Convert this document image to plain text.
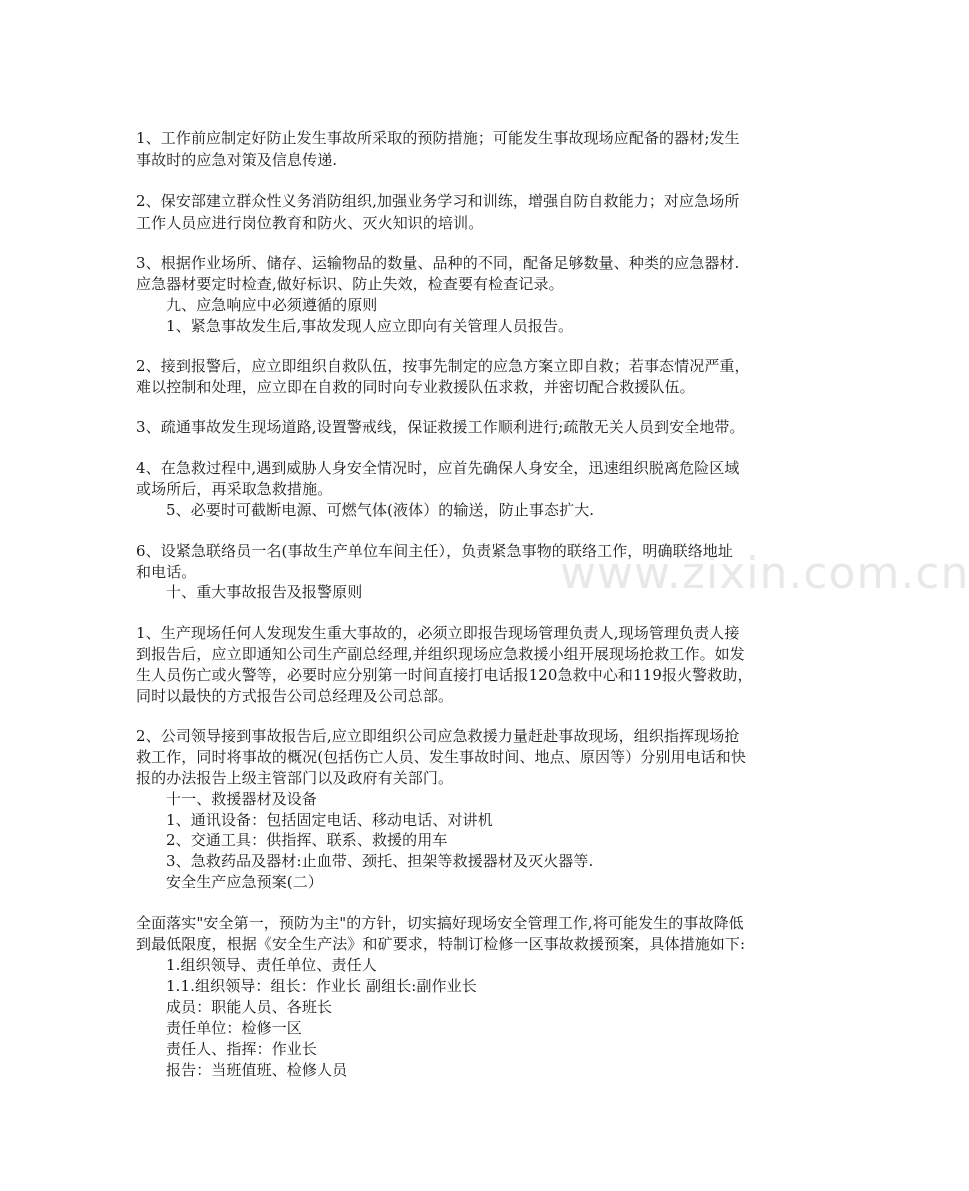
www.zixin.com.cn
1、工作前应制定好防止发生事故所采取的预防措施；可能发生事故现场应配备的器材;发生
事故时的应急对策及信息传递.
2、保安部建立群众性义务消防组织,加强业务学习和训练，增强自防自救能力；对应急场所
工作人员应进行岗位教育和防火、灭火知识的培训。
3、根据作业场所、储存、运输物品的数量、品种的不同，配备足够数量、种类的应急器材.
应急器材要定时检查,做好标识、防止失效，检查要有检查记录。
九、应急响应中必须遵循的原则
1、紧急事故发生后,事故发现人应立即向有关管理人员报告。
2、接到报警后，应立即组织自救队伍，按事先制定的应急方案立即自救；若事态情况严重，
难以控制和处理，应立即在自救的同时向专业救援队伍求救，并密切配合救援队伍。
3、疏通事故发生现场道路,设置警戒线，保证救援工作顺利进行;疏散无关人员到安全地带。
4、在急救过程中,遇到威胁人身安全情况时，应首先确保人身安全，迅速组织脱离危险区域
或场所后，再采取急救措施。
5、必要时可截断电源、可燃气体(液体）的输送，防止事态扩大.
6、设紧急联络员一名(事故生产单位车间主任），负责紧急事物的联络工作，明确联络地址
和电话。
十、重大事故报告及报警原则
1、生产现场任何人发现发生重大事故的，必须立即报告现场管理负责人,现场管理负责人接
到报告后，应立即通知公司生产副总经理,并组织现场应急救援小组开展现场抢救工作。如发
生人员伤亡或火警等，必要时应分别第一时间直接打电话报120急救中心和119报火警救助，
同时以最快的方式报告公司总经理及公司总部。
2、公司领导接到事故报告后,应立即组织公司应急救援力量赶赴事故现场，组织指挥现场抢
救工作，同时将事故的概况(包括伤亡人员、发生事故时间、地点、原因等）分别用电话和快
报的办法报告上级主管部门以及政府有关部门。
十一、救援器材及设备
1、通讯设备：包括固定电话、移动电话、对讲机
2、交通工具：供指挥、联系、救援的用车
3、急救药品及器材:止血带、颈托、担架等救援器材及灭火器等.
安全生产应急预案(二）
全面落实"安全第一，预防为主"的方针，切实搞好现场安全管理工作,将可能发生的事故降低
到最低限度，根据《安全生产法》和矿要求，特制订检修一区事故救援预案，具体措施如下:
1.组织领导、责任单位、责任人
1.1.组织领导：组长：作业长 副组长:副作业长
成员：职能人员、各班长
责任单位：检修一区
责任人、指挥：作业长
报告：当班值班、检修人员
